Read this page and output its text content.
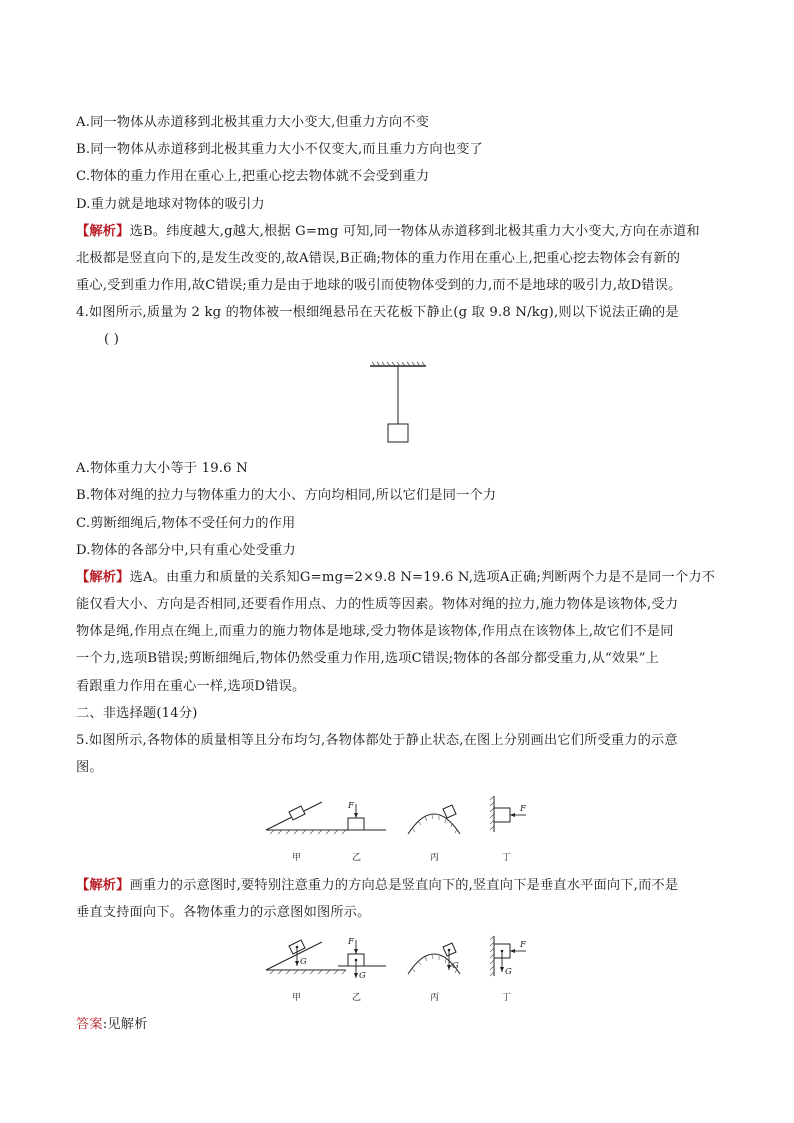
A.同一物体从赤道移到北极其重力大小变大,但重力方向不变
B.同一物体从赤道移到北极其重力大小不仅变大,而且重力方向也变了
C.物体的重力作用在重心上,把重心挖去物体就不会受到重力
D.重力就是地球对物体的吸引力
【解析】选B。纬度越大,g越大,根据 G=mg 可知,同一物体从赤道移到北极其重力大小变大,方向在赤道和
北极都是竖直向下的,是发生改变的,故A错误,B正确;物体的重力作用在重心上,把重心挖去物体会有新的
重心,受到重力作用,故C错误;重力是由于地球的吸引而使物体受到的力,而不是地球的吸引力,故D错误。
4.如图所示,质量为 2 kg 的物体被一根细绳悬吊在天花板下静止(g 取 9.8 N/kg),则以下说法正确的是
( )
A.物体重力大小等于 19.6 N
B.物体对绳的拉力与物体重力的大小、方向均相同,所以它们是同一个力
C.剪断细绳后,物体不受任何力的作用
D.物体的各部分中,只有重心处受重力
【解析】选A。由重力和质量的关系知G=mg=2×9.8 N=19.6 N,选项A正确;判断两个力是不是同一个力不
能仅看大小、方向是否相同,还要看作用点、力的性质等因素。物体对绳的拉力,施力物体是该物体,受力
物体是绳,作用点在绳上,而重力的施力物体是地球,受力物体是该物体,作用点在该物体上,故它们不是同
一个力,选项B错误;剪断细绳后,物体仍然受重力作用,选项C错误;物体的各部分都受重力,从“效果”上
看跟重力作用在重心一样,选项D错误。
二、非选择题(14分)
5.如图所示,各物体的质量相等且分布均匀,各物体都处于静止状态,在图上分别画出它们所受重力的示意
图。
F	F
甲	乙	丙	丁
【解析】画重力的示意图时,要特别注意重力的方向总是竖直向下的,竖直向下是垂直水平面向下,而不是
垂直支持面向下。各物体重力的示意图如图所示。
G
F
G
G
F
G
甲	乙	丙	丁
答案:见解析
